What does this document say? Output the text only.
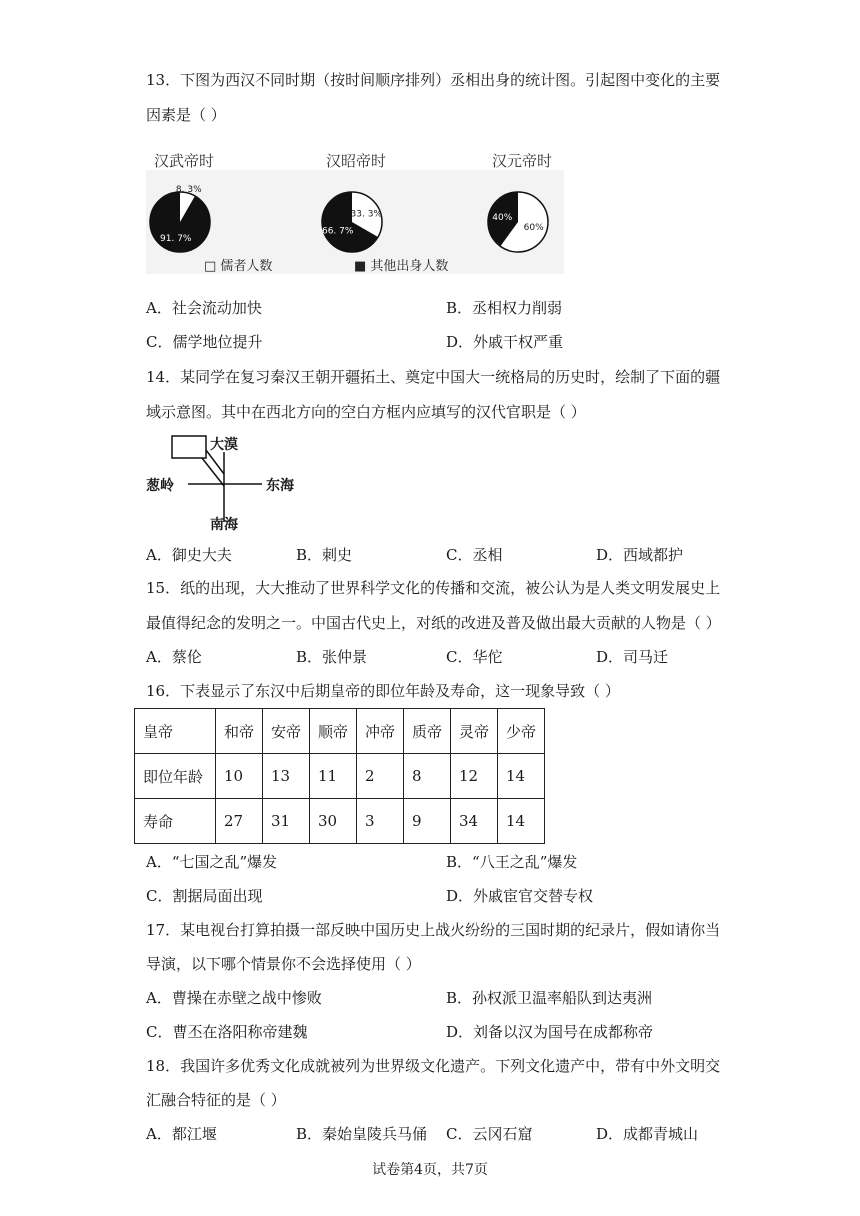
13．下图为西汉不同时期（按时间顺序排列）丞相出身的统计图。引起图中变化的主要
因素是（ ）
汉武帝时	汉昭帝时	汉元帝时
8. 3%
91. 7%
33. 3%
66. 7%	60%
40%
□ 儒者人数	■ 其他出身人数
A．社会流动加快	B．丞相权力削弱
C．儒学地位提升	D．外戚干权严重
14．某同学在复习秦汉王朝开疆拓土、奠定中国大一统格局的历史时，绘制了下面的疆
域示意图。其中在西北方向的空白方框内应填写的汉代官职是（ ）
大漠
葱岭	东海
南海
A．御史大夫	B．刺史	C．丞相	D．西域都护
15．纸的出现，大大推动了世界科学文化的传播和交流，被公认为是人类文明发展史上
最值得纪念的发明之一。中国古代史上，对纸的改进及普及做出最大贡献的人物是（ ）
A．蔡伦	B．张仲景	C．华佗	D．司马迁
16．下表显示了东汉中后期皇帝的即位年龄及寿命，这一现象导致（ ）
皇帝	和帝	安帝	顺帝	冲帝	质帝	灵帝	少帝
即位年龄	10	13	11	2	8	12	14
寿命	27	31	30	3	9	34	14
A．“七国之乱”爆发	B．“八王之乱”爆发
C．割据局面出现	D．外戚宦官交替专权
17．某电视台打算拍摄一部反映中国历史上战火纷纷的三国时期的纪录片，假如请你当
导演，以下哪个情景你不会选择使用（ ）
A．曹操在赤壁之战中惨败	B．孙权派卫温率船队到达夷洲
C．曹丕在洛阳称帝建魏	D．刘备以汉为国号在成都称帝
18．我国许多优秀文化成就被列为世界级文化遗产。下列文化遗产中，带有中外文明交
汇融合特征的是（ ）
A．都江堰	B．秦始皇陵兵马俑 C．云冈石窟	D．成都青城山
试卷第4页，共7页
